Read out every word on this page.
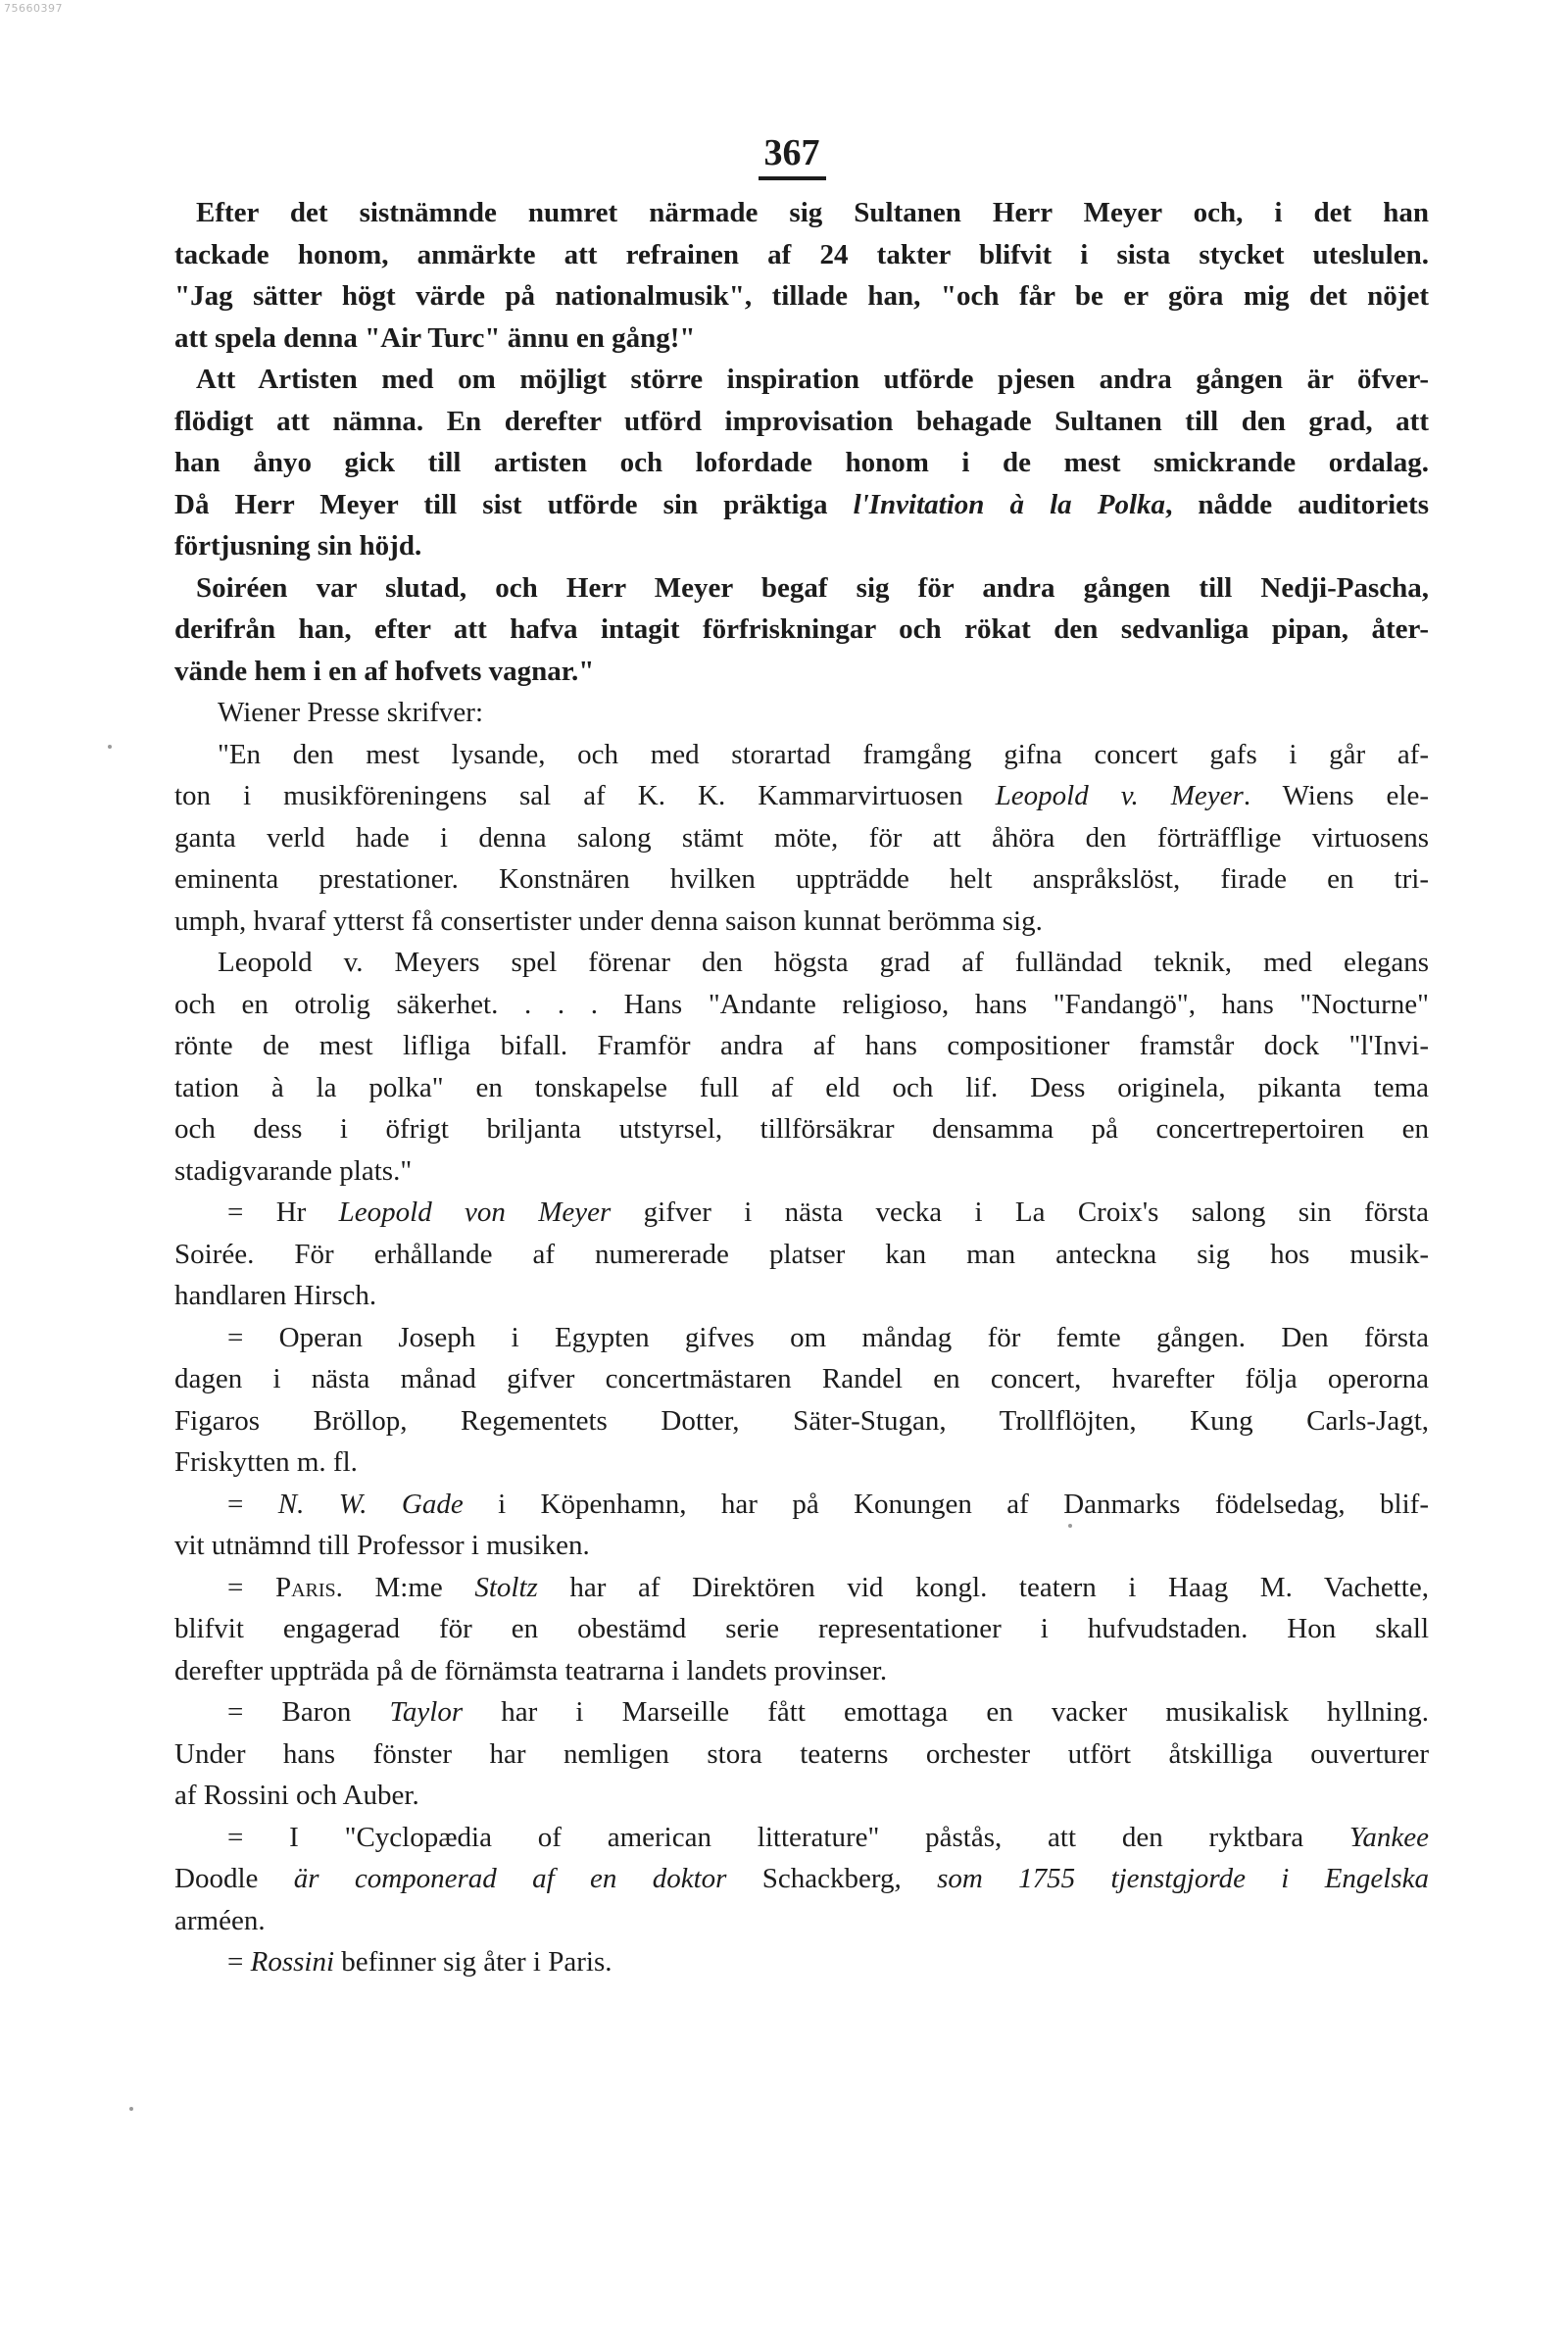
75660397
367
Efter det sistnämnde numret närmade sig Sultanen Herr Meyer och, i det han
tackade honom, anmärkte att refrainen af 24 takter blifvit i sista stycket uteslulen.
"Jag sätter högt värde på nationalmusik", tillade han, "och får be er göra mig det nöjet
att spela denna "Air Turc" ännu en gång!"
Att Artisten med om möjligt större inspiration utförde pjesen andra gången är öfver-
flödigt att nämna. En derefter utförd improvisation behagade Sultanen till den grad, att
han ånyo gick till artisten och lofordade honom i de mest smickrande ordalag.
Då Herr Meyer till sist utförde sin präktiga l'Invitation à la Polka, nådde auditoriets
förtjusning sin höjd.
Soiréen var slutad, och Herr Meyer begaf sig för andra gången till Nedji-Pascha,
derifrån han, efter att hafva intagit förfriskningar och rökat den sedvanliga pipan, åter-
vände hem i en af hofvets vagnar."
Wiener Presse skrifver:
"En den mest lysande, och med storartad framgång gifna concert gafs i går af-
ton i musikföreningens sal af K. K. Kammarvirtuosen Leopold v. Meyer. Wiens ele-
ganta verld hade i denna salong stämt möte, för att åhöra den förträfflige virtuosens
eminenta prestationer. Konstnären hvilken uppträdde helt anspråkslöst, firade en tri-
umph, hvaraf ytterst få consertister under denna saison kunnat berömma sig.
Leopold v. Meyers spel förenar den högsta grad af fulländad teknik, med elegans
och en otrolig säkerhet. . . . Hans "Andante religioso, hans "Fandangö", hans "Nocturne"
rönte de mest lifliga bifall. Framför andra af hans compositioner framstår dock "l'Invi-
tation à la polka" en tonskapelse full af eld och lif. Dess originela, pikanta tema
och dess i öfrigt briljanta utstyrsel, tillförsäkrar densamma på concertrepertoiren en
stadigvarande plats."
= Hr Leopold von Meyer gifver i nästa vecka i La Croix's salong sin första
Soirée. För erhållande af numererade platser kan man anteckna sig hos musik-
handlaren Hirsch.
= Operan Joseph i Egypten gifves om måndag för femte gången. Den första
dagen i nästa månad gifver concertmästaren Randel en concert, hvarefter följa operorna
Figaros Bröllop, Regementets Dotter, Säter-Stugan, Trollflöjten, Kung Carls-Jagt,
Friskytten m. fl.
= N. W. Gade i Köpenhamn, har på Konungen af Danmarks födelsedag, blif-
vit utnämnd till Professor i musiken.
= Paris. M:me Stoltz har af Direktören vid kongl. teatern i Haag M. Vachette,
blifvit engagerad för en obestämd serie representationer i hufvudstaden. Hon skall
derefter uppträda på de förnämsta teatrarna i landets provinser.
= Baron Taylor har i Marseille fått emottaga en vacker musikalisk hyllning.
Under hans fönster har nemligen stora teaterns orchester utfört åtskilliga ouverturer
af Rossini och Auber.
= I "Cyclopædia of american litterature" påstås, att den ryktbara Yankee
Doodle är componerad af en doktor Schackberg, som 1755 tjenstgjorde i Engelska
arméen.
= Rossini befinner sig åter i Paris.
